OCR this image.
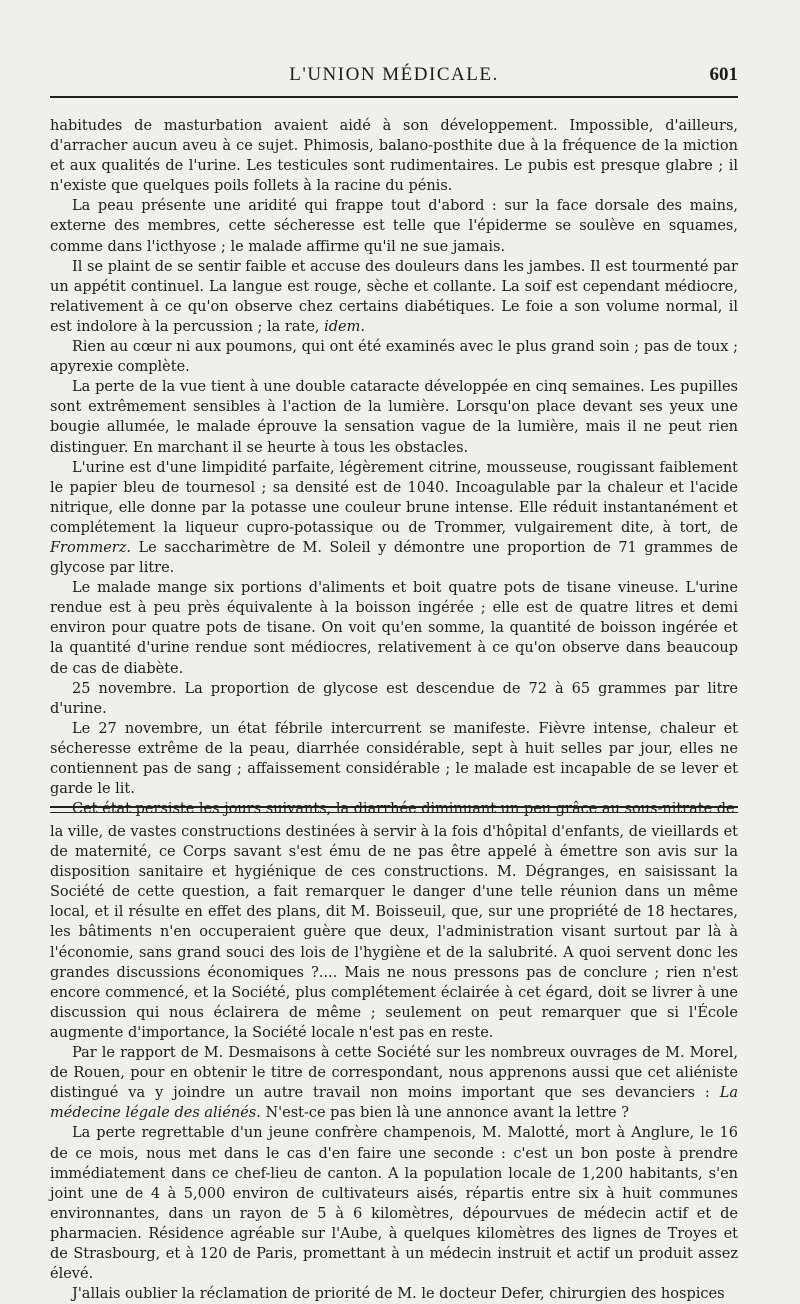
L'UNION MÉDICALE.	601

habitudes de masturbation avaient aidé à son développement. Impossible, d'ailleurs, d'arracher aucun aveu à ce sujet. Phimosis, balano-posthite due à la fréquence de la miction et aux qualités de l'urine. Les testicules sont rudimentaires. Le pubis est presque glabre ; il n'existe que quelques poils follets à la racine du pénis.

La peau présente une aridité qui frappe tout d'abord : sur la face dorsale des mains, externe des membres, cette sécheresse est telle que l'épiderme se soulève en squames, comme dans l'icthyose ; le malade affirme qu'il ne sue jamais.

Il se plaint de se sentir faible et accuse des douleurs dans les jambes. Il est tourmenté par un appétit continuel. La langue est rouge, sèche et collante. La soif est cependant médiocre, relativement à ce qu'on observe chez certains diabétiques. Le foie a son volume normal, il est indolore à la percussion ; la rate, idem.

Rien au cœur ni aux poumons, qui ont été examinés avec le plus grand soin ; pas de toux ; apyrexie complète.

La perte de la vue tient à une double cataracte développée en cinq semaines. Les pupilles sont extrêmement sensibles à l'action de la lumière. Lorsqu'on place devant ses yeux une bougie allumée, le malade éprouve la sensation vague de la lumière, mais il ne peut rien distinguer. En marchant il se heurte à tous les obstacles.

L'urine est d'une limpidité parfaite, légèrement citrine, mousseuse, rougissant faiblement le papier bleu de tournesol ; sa densité est de 1040. Incoagulable par la chaleur et l'acide nitrique, elle donne par la potasse une couleur brune intense. Elle réduit instantanément et complétement la liqueur cupro-potassique ou de Trommer, vulgairement dite, à tort, de Frommerz. Le saccharimètre de M. Soleil y démontre une proportion de 71 grammes de glycose par litre.

Le malade mange six portions d'aliments et boit quatre pots de tisane vineuse. L'urine rendue est à peu près équivalente à la boisson ingérée ; elle est de quatre litres et demi environ pour quatre pots de tisane. On voit qu'en somme, la quantité de boisson ingérée et la quantité d'urine rendue sont médiocres, relativement à ce qu'on observe dans beaucoup de cas de diabète.

25 novembre. La proportion de glycose est descendue de 72 à 65 grammes par litre d'urine.

Le 27 novembre, un état fébrile intercurrent se manifeste. Fièvre intense, chaleur et sécheresse extrême de la peau, diarrhée considérable, sept à huit selles par jour, elles ne contiennent pas de sang ; affaissement considérable ; le malade est incapable de se lever et garde le lit.

Cet état persiste les jours suivants, la diarrhée diminuant un peu grâce au sous-nitrate de

la ville, de vastes constructions destinées à servir à la fois d'hôpital d'enfants, de vieillards et de maternité, ce Corps savant s'est ému de ne pas être appelé à émettre son avis sur la disposition sanitaire et hygiénique de ces constructions. M. Dégranges, en saisissant la Société de cette question, a fait remarquer le danger d'une telle réunion dans un même local, et il résulte en effet des plans, dit M. Boisseuil, que, sur une propriété de 18 hectares, les bâtiments n'en occuperaient guère que deux, l'administration visant surtout par là à l'économie, sans grand souci des lois de l'hygiène et de la salubrité. A quoi servent donc les grandes discussions économiques ?.... Mais ne nous pressons pas de conclure ; rien n'est encore commencé, et la Société, plus complétement éclairée à cet égard, doit se livrer à une discussion qui nous éclairera de même ; seulement on peut remarquer que si l'École augmente d'importance, la Société locale n'est pas en reste.

Par le rapport de M. Desmaisons à cette Société sur les nombreux ouvrages de M. Morel, de Rouen, pour en obtenir le titre de correspondant, nous apprenons aussi que cet aliéniste distingué va y joindre un autre travail non moins important que ses devanciers : La médecine légale des aliénés. N'est-ce pas bien là une annonce avant la lettre ?

La perte regrettable d'un jeune confrère champenois, M. Malotté, mort à Anglure, le 16 de ce mois, nous met dans le cas d'en faire une seconde : c'est un bon poste à prendre immédiatement dans ce chef-lieu de canton. A la population locale de 1,200 habitants, s'en joint une de 4 à 5,000 environ de cultivateurs aisés, répartis entre six à huit communes environnantes, dans un rayon de 5 à 6 kilomètres, dépourvues de médecin actif et de pharmacien. Résidence agréable sur l'Aube, à quelques kilomètres des lignes de Troyes et de Strasbourg, et à 120 de Paris, promettant à un médecin instruit et actif un produit assez élevé.

J'allais oublier la réclamation de priorité de M. le docteur Defer, chirurgien des hospices
